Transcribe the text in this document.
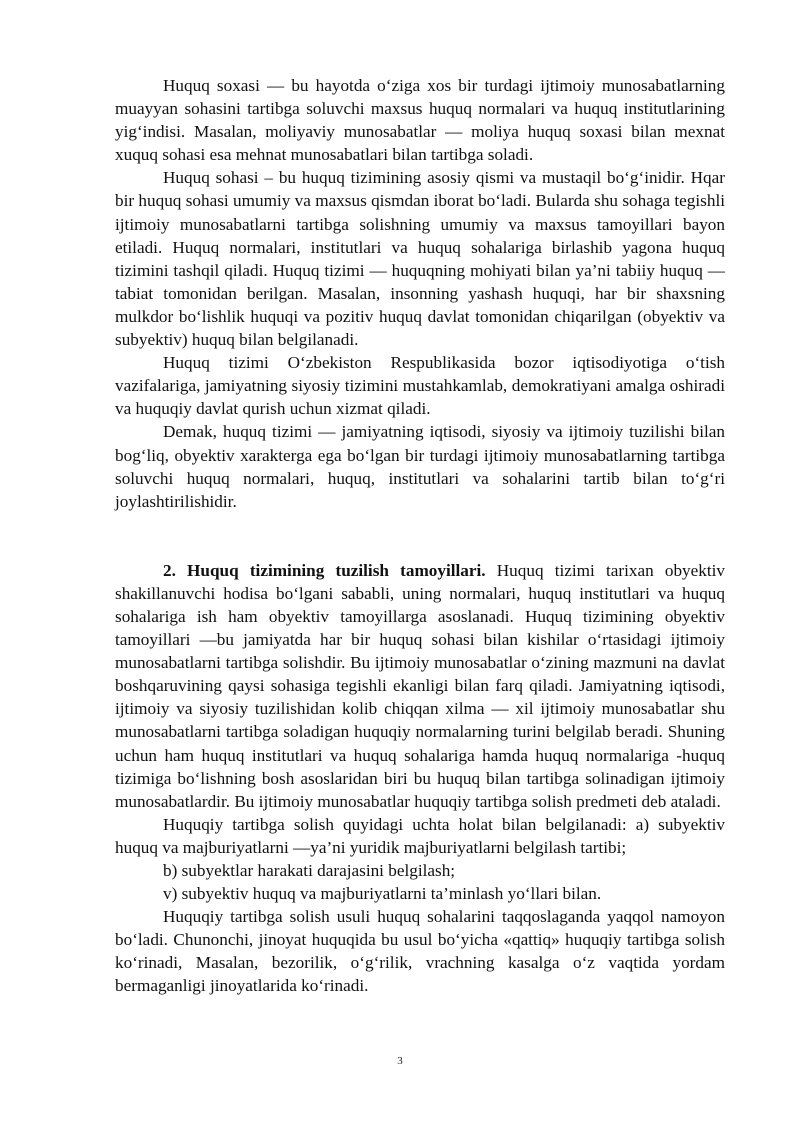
Huquq soxasi — bu hayotda o‘ziga xos bir turdagi ijtimoiy munosabatlarning muayyan sohasini tartibga soluvchi maxsus huquq normalari va huquq institutlarining yig‘indisi. Masalan, moliyaviy munosabatlar — moliya huquq soxasi bilan mexnat xuquq sohasi esa mehnat munosabatlari bilan tartibga soladi.

Huquq sohasi – bu huquq tizimining asosiy qismi va mustaqil bo‘g‘inidir. Hqar bir huquq sohasi umumiy va maxsus qismdan iborat bo‘ladi. Bularda shu sohaga tegishli ijtimoiy munosabatlarni tartibga solishning umumiy va maxsus tamoyillari bayon etiladi. Huquq normalari, institutlari va huquq sohalariga birlashib yagona huquq tizimini tashqil qiladi. Huquq tizimi — huquqning mohiyati bilan ya’ni tabiiy huquq — tabiat tomonidan berilgan. Masalan, insonning yashash huquqi, har bir shaxsning mulkdor bo‘lishlik huquqi va pozitiv huquq davlat tomonidan chiqarilgan (obyektiv va subyektiv) huquq bilan belgilanadi.

Huquq tizimi O‘zbekiston Respublikasida bozor iqtisodiyotiga o‘tish vazifalariga, jamiyatning siyosiy tizimini mustahkamlab, demokratiyani amalga oshiradi va huquqiy davlat qurish uchun xizmat qiladi.

Demak, huquq tizimi — jamiyatning iqtisodi, siyosiy va ijtimoiy tuzilishi bilan bog‘liq, obyektiv xarakterga ega bo‘lgan bir turdagi ijtimoiy munosabatlarning tartibga soluvchi huquq normalari, huquq, institutlari va sohalarini tartib bilan to‘g‘ri joylashtirilishidir.

2. Huquq tizimining tuzilish tamoyillari. Huquq tizimi tarixan obyektiv shakillanuvchi hodisa bo‘lgani sababli, uning normalari, huquq institutlari va huquq sohalariga ish ham obyektiv tamoyillarga asoslanadi. Huquq tizimining obyektiv tamoyillari —bu jamiyatda har bir huquq sohasi bilan kishilar o‘rtasidagi ijtimoiy munosabatlarni tartibga solishdir. Bu ijtimoiy munosabatlar o‘zining mazmuni na davlat boshqaruvining qaysi sohasiga tegishli ekanligi bilan farq qiladi. Jamiyatning iqtisodi, ijtimoiy va siyosiy tuzilishidan kolib chiqqan xilma — xil ijtimoiy munosabatlar shu munosabatlarni tartibga soladigan huquqiy normalarning turini belgilab beradi. Shuning uchun ham huquq institutlari va huquq sohalariga hamda huquq normalariga -huquq tizimiga bo‘lishning bosh asoslaridan biri bu huquq bilan tartibga solinadigan ijtimoiy munosabatlardir. Bu ijtimoiy munosabatlar huquqiy tartibga solish predmeti deb ataladi.

Huquqiy tartibga solish quyidagi uchta holat bilan belgilanadi: a) subyektiv huquq va majburiyatlarni —ya’ni yuridik majburiyatlarni belgilash tartibi;

b) subyektlar harakati darajasini belgilash;

v) subyektiv huquq va majburiyatlarni ta’minlash yo‘llari bilan.

Huquqiy tartibga solish usuli huquq sohalarini taqqoslaganda yaqqol namoyon bo‘ladi. Chunonchi, jinoyat huquqida bu usul bo‘yicha «qattiq» huquqiy tartibga solish ko‘rinadi, Masalan, bezorilik, o‘g‘rilik, vrachning kasalga o‘z vaqtida yordam bermaganligi jinoyatlarida ko‘rinadi.

3
